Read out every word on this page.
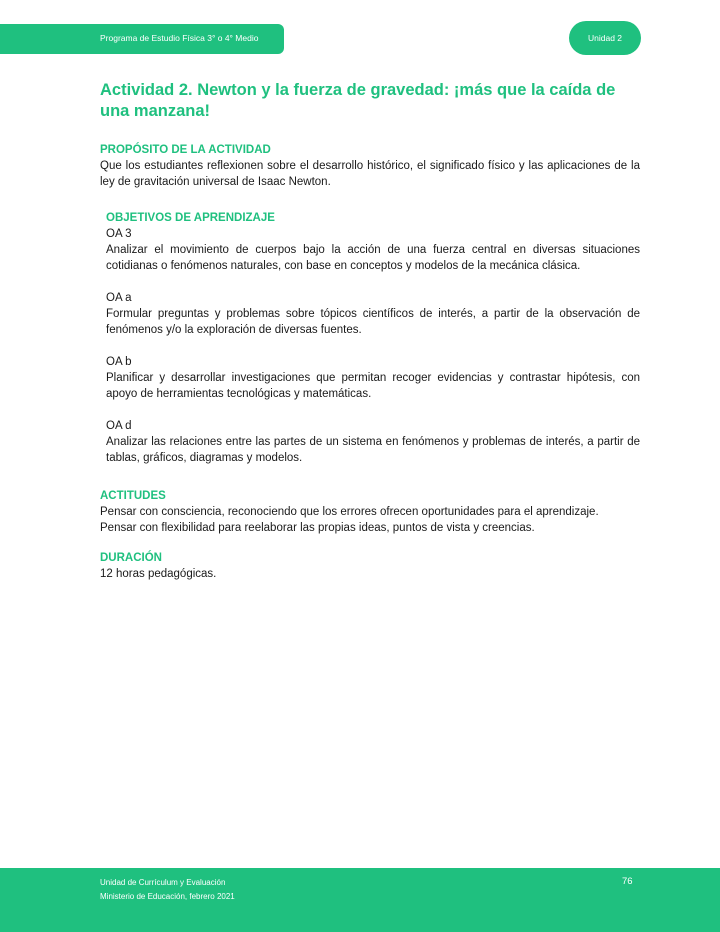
Programa de Estudio Física 3° o 4° Medio	Unidad 2
Actividad 2. Newton y la fuerza de gravedad: ¡más que la caída de una manzana!
PROPÓSITO DE LA ACTIVIDAD

Que los estudiantes reflexionen sobre el desarrollo histórico, el significado físico y las aplicaciones de la ley de gravitación universal de Isaac Newton.

OBJETIVOS DE APRENDIZAJE
OA 3

Analizar el movimiento de cuerpos bajo la acción de una fuerza central en diversas situaciones cotidianas o fenómenos naturales, con base en conceptos y modelos de la mecánica clásica.

OA a

Formular preguntas y problemas sobre tópicos científicos de interés, a partir de la observación de fenómenos y/o la exploración de diversas fuentes.

OA b

Planificar y desarrollar investigaciones que permitan recoger evidencias y contrastar hipótesis, con apoyo de herramientas tecnológicas y matemáticas.

OA d

Analizar las relaciones entre las partes de un sistema en fenómenos y problemas de interés, a partir de tablas, gráficos, diagramas y modelos.

ACTITUDES

Pensar con consciencia, reconociendo que los errores ofrecen oportunidades para el aprendizaje.

Pensar con flexibilidad para reelaborar las propias ideas, puntos de vista y creencias.

DURACIÓN

12 horas pedagógicas.

Unidad de Currículum y Evaluación
Ministerio de Educación, febrero 2021
76
